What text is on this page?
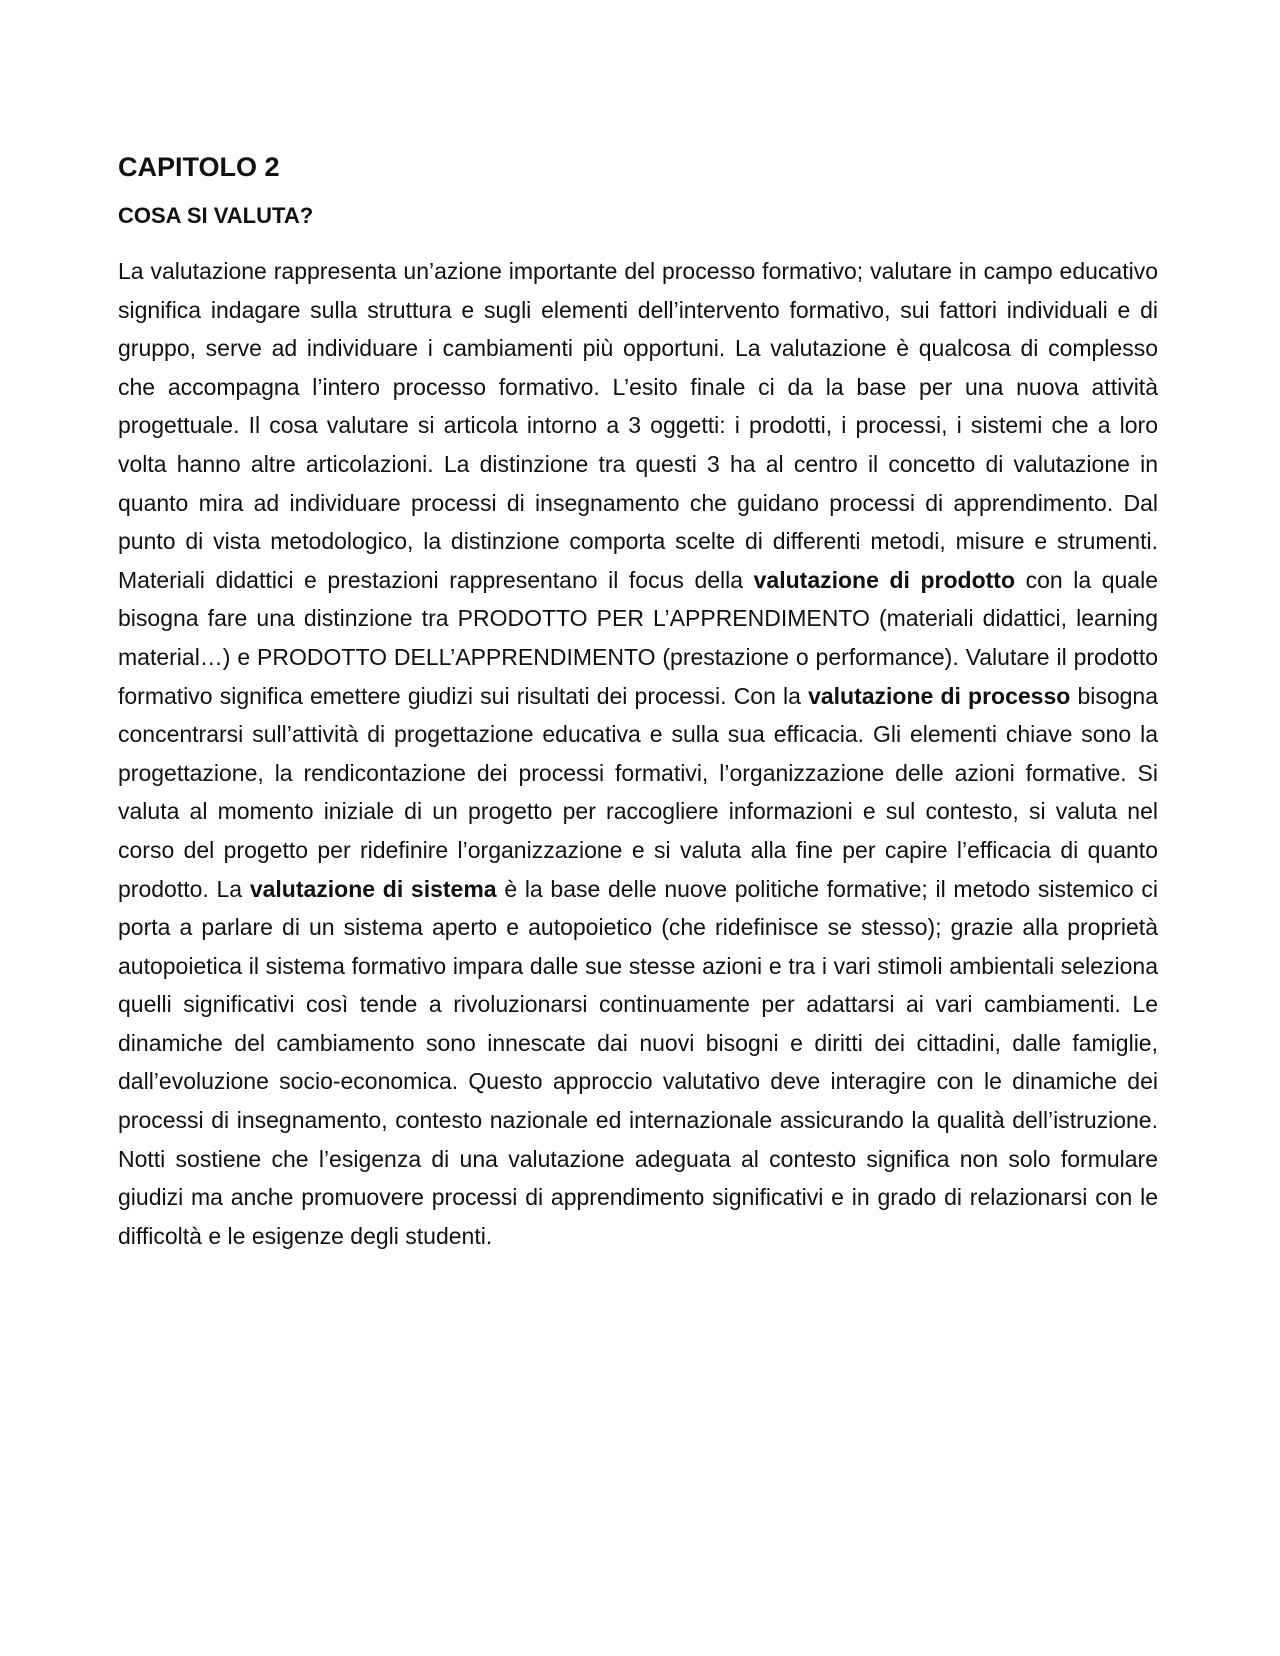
CAPITOLO 2
COSA SI VALUTA?

La valutazione rappresenta un’azione importante del processo formativo; valutare in campo educativo significa indagare sulla struttura e sugli elementi dell’intervento formativo, sui fattori individuali e di gruppo, serve ad individuare i cambiamenti più opportuni. La valutazione è qualcosa di complesso che accompagna l’intero processo formativo. L’esito finale ci da la base per una nuova attività progettuale. Il cosa valutare si articola intorno a 3 oggetti: i prodotti, i processi, i sistemi che a loro volta hanno altre articolazioni. La distinzione tra questi 3 ha al centro il concetto di valutazione in quanto mira ad individuare processi di insegnamento che guidano processi di apprendimento. Dal punto di vista metodologico, la distinzione comporta scelte di differenti metodi, misure e strumenti. Materiali didattici e prestazioni rappresentano il focus della valutazione di prodotto con la quale bisogna fare una distinzione tra PRODOTTO PER L’APPRENDIMENTO (materiali didattici, learning material…) e PRODOTTO DELL’APPRENDIMENTO (prestazione o performance). Valutare il prodotto formativo significa emettere giudizi sui risultati dei processi. Con la valutazione di processo bisogna concentrarsi sull’attività di progettazione educativa e sulla sua efficacia. Gli elementi chiave sono la progettazione, la rendicontazione dei processi formativi, l’organizzazione delle azioni formative. Si valuta al momento iniziale di un progetto per raccogliere informazioni e sul contesto, si valuta nel corso del progetto per ridefinire l’organizzazione e si valuta alla fine per capire l’efficacia di quanto prodotto. La valutazione di sistema è la base delle nuove politiche formative; il metodo sistemico ci porta a parlare di un sistema aperto e autopoietico (che ridefinisce se stesso); grazie alla proprietà autopoietica il sistema formativo impara dalle sue stesse azioni e tra i vari stimoli ambientali seleziona quelli significativi così tende a rivoluzionarsi continuamente per adattarsi ai vari cambiamenti. Le dinamiche del cambiamento sono innescate dai nuovi bisogni e diritti dei cittadini, dalle famiglie, dall’evoluzione socio-economica. Questo approccio valutativo deve interagire con le dinamiche dei processi di insegnamento, contesto nazionale ed internazionale assicurando la qualità dell’istruzione. Notti sostiene che l’esigenza di una valutazione adeguata al contesto significa non solo formulare giudizi ma anche promuovere processi di apprendimento significativi e in grado di relazionarsi con le difficoltà e le esigenze degli studenti.
